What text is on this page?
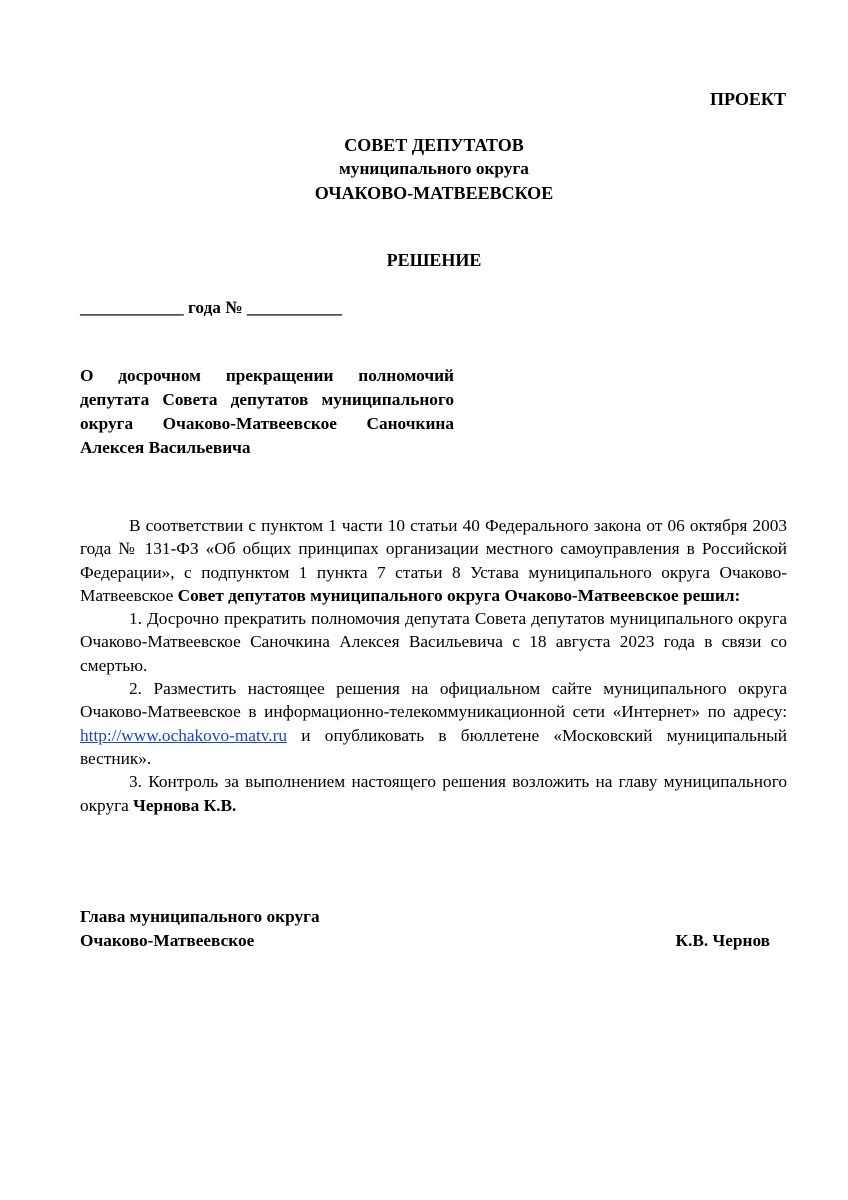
ПРОЕКТ
СОВЕТ ДЕПУТАТОВ
муниципального округа
ОЧАКОВО-МАТВЕЕВСКОЕ
РЕШЕНИЕ
____________ года № ___________
О досрочном прекращении полномочий депутата Совета депутатов муниципального округа Очаково-Матвеевское Саночкина Алексея Васильевича

В соответствии с пунктом 1 части 10 статьи 40 Федерального закона от 06 октября 2003 года № 131-ФЗ «Об общих принципах организации местного самоуправления в Российской Федерации», с подпунктом 1 пункта 7 статьи 8 Устава муниципального округа Очаково-Матвеевское Совет депутатов муниципального округа Очаково-Матвеевское решил:

1. Досрочно прекратить полномочия депутата Совета депутатов муниципального округа Очаково-Матвеевское Саночкина Алексея Васильевича с 18 августа 2023 года в связи со смертью.

2. Разместить настоящее решения на официальном сайте муниципального округа Очаково-Матвеевское в информационно-телекоммуникационной сети «Интернет» по адресу: http://www.ochakovo-matv.ru и опубликовать в бюллетене «Московский муниципальный вестник».

3. Контроль за выполнением настоящего решения возложить на главу муниципального округа Чернова К.В.

Глава муниципального округа
Очаково-Матвеевское	К.В. Чернов
